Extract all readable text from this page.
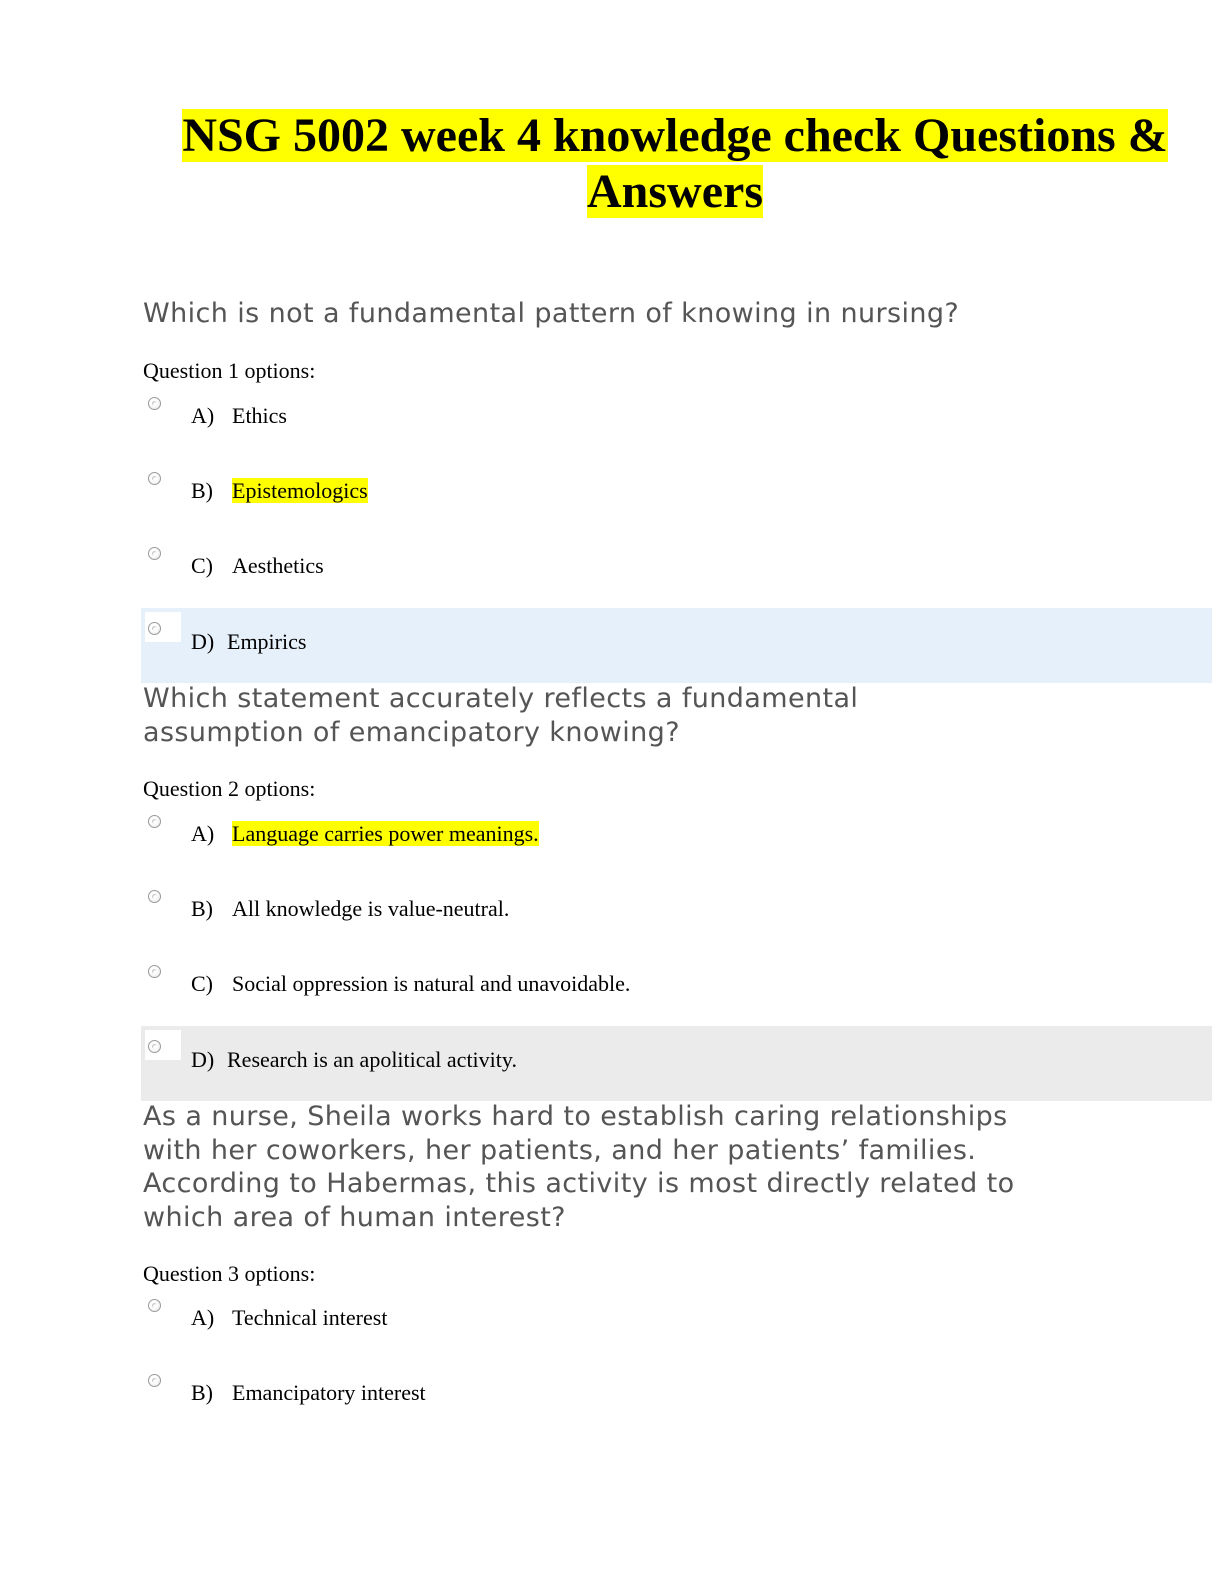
NSG 5002 week 4 knowledge check Questions &
Answers

Which is not a fundamental pattern of knowing in nursing?

Question 1 options:

A) Ethics

B) Epistemologics

C) Aesthetics

D) Empirics

Which statement accurately reflects a fundamental
assumption of emancipatory knowing?

Question 2 options:

A) Language carries power meanings.

B) All knowledge is value-neutral.

C) Social oppression is natural and unavoidable.

D) Research is an apolitical activity.

As a nurse, Sheila works hard to establish caring relationships
with her coworkers, her patients, and her patients’ families.
According to Habermas, this activity is most directly related to
which area of human interest?

Question 3 options:

A) Technical interest

B) Emancipatory interest
